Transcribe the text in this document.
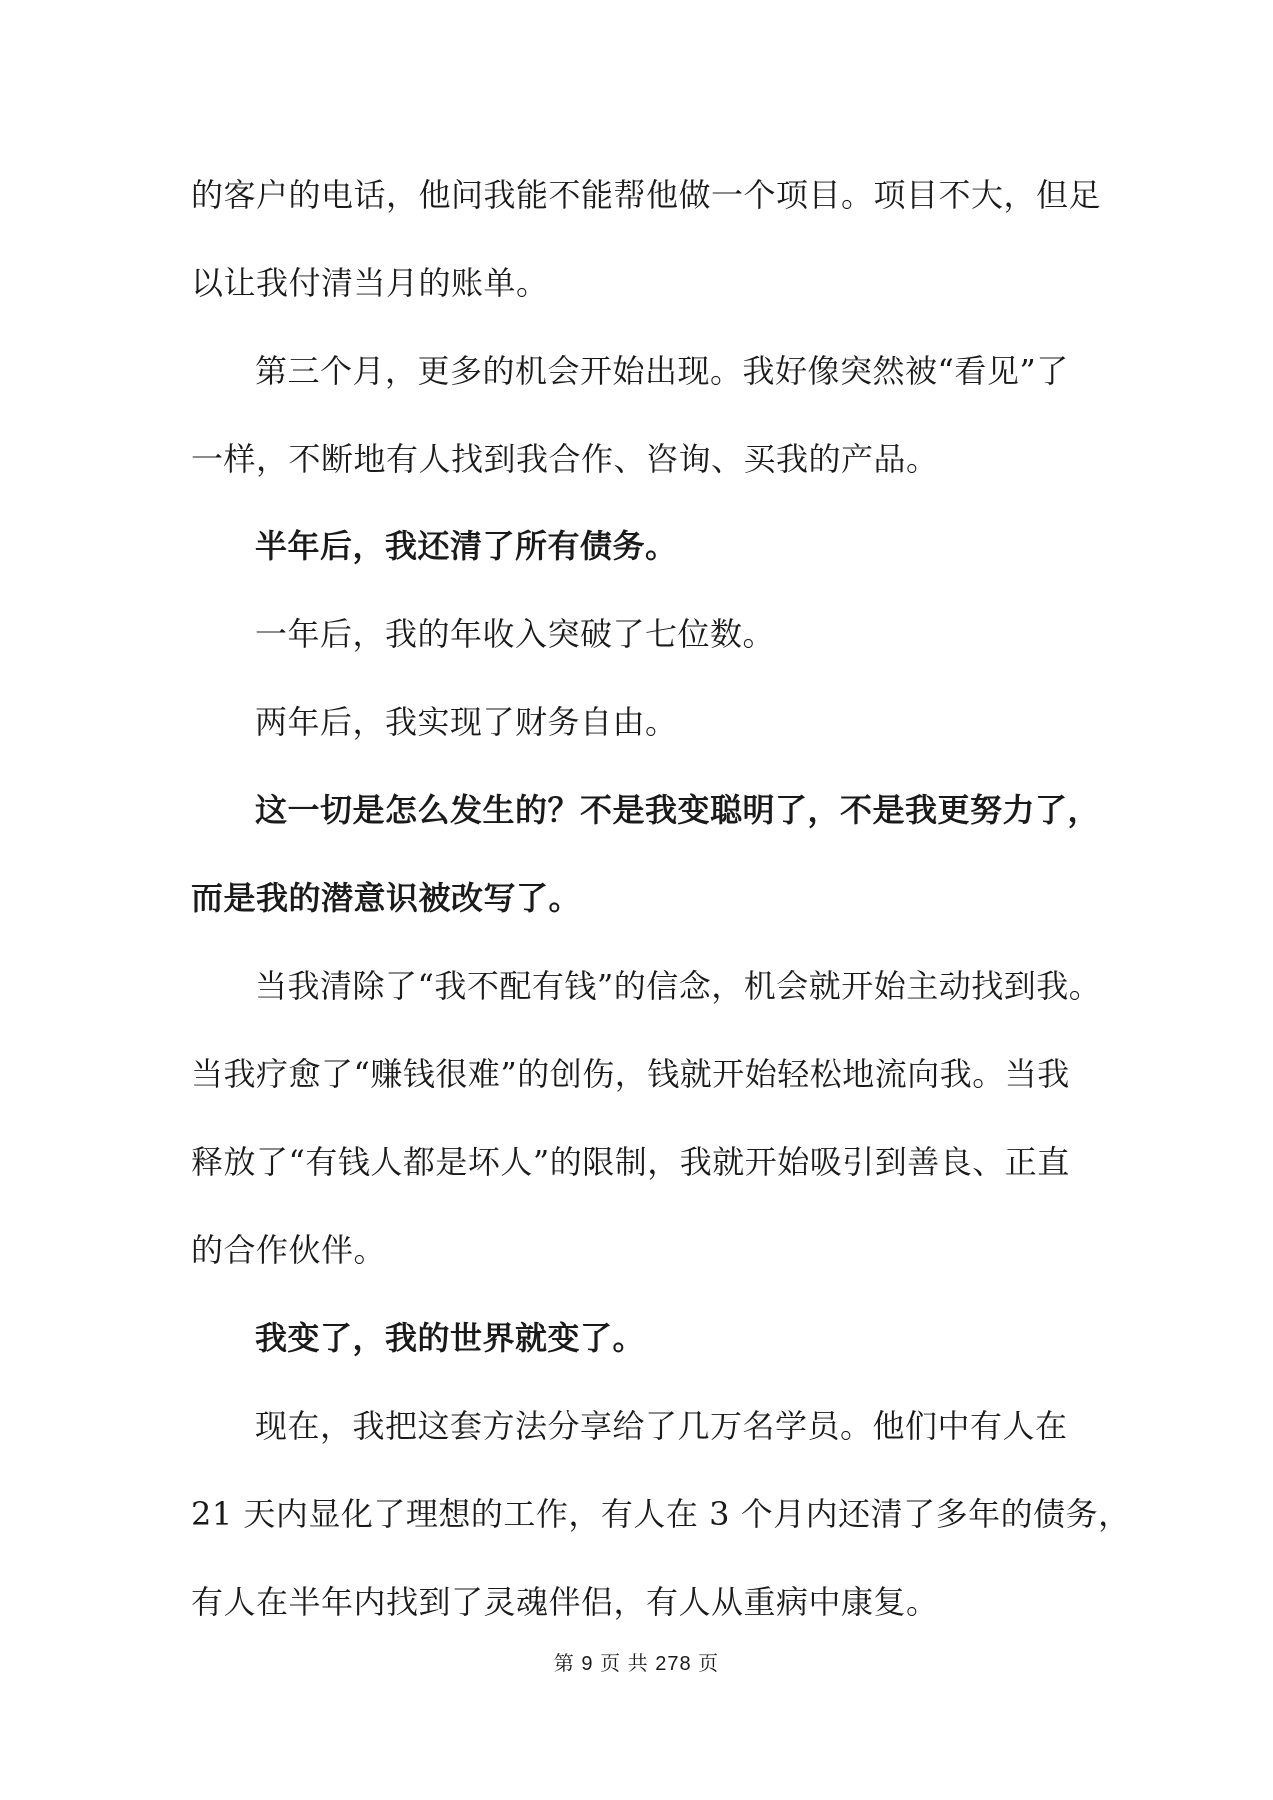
的客户的电话，他问我能不能帮他做一个项目。项目不大，但足
以让我付清当月的账单。
第三个月，更多的机会开始出现。我好像突然被“看见”了
一样，不断地有人找到我合作、咨询、买我的产品。
半年后，我还清了所有债务。
一年后，我的年收入突破了七位数。
两年后，我实现了财务自由。
这一切是怎么发生的？不是我变聪明了，不是我更努力了，
而是我的潜意识被改写了。
当我清除了“我不配有钱”的信念，机会就开始主动找到我。
当我疗愈了“赚钱很难”的创伤，钱就开始轻松地流向我。当我
释放了“有钱人都是坏人”的限制，我就开始吸引到善良、正直
的合作伙伴。
我变了，我的世界就变了。
现在，我把这套方法分享给了几万名学员。他们中有人在
21 天内显化了理想的工作，有人在 3 个月内还清了多年的债务，
有人在半年内找到了灵魂伴侣，有人从重病中康复。
第 9 页 共 278 页
